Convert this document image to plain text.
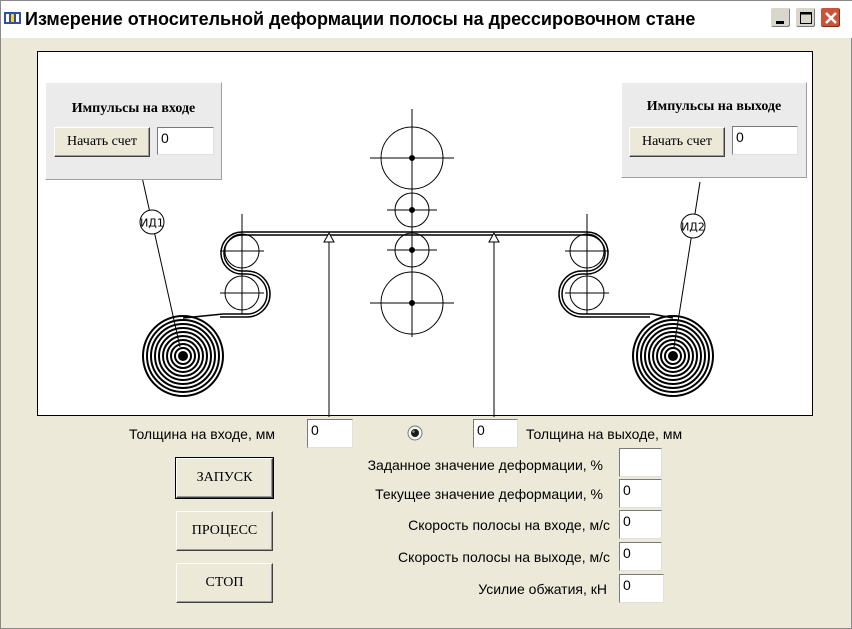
Измерение относительной деформации полосы на дрессировочном стане
ИД1	ИД2
Импульсы на входе
Начать счет	0
Импульсы на выходе
Начать счет	0
Толщина на входе, мм	0	0	Толщина на выходе, мм
ЗАПУСК
ПРОЦЕСС
СТОП
Заданное значение деформации, %
Текущее значение деформации, % 0
Скорость полосы на входе, м/с 0
Скорость полосы на выходе, м/с 0
Усилие обжатия, кН 0
